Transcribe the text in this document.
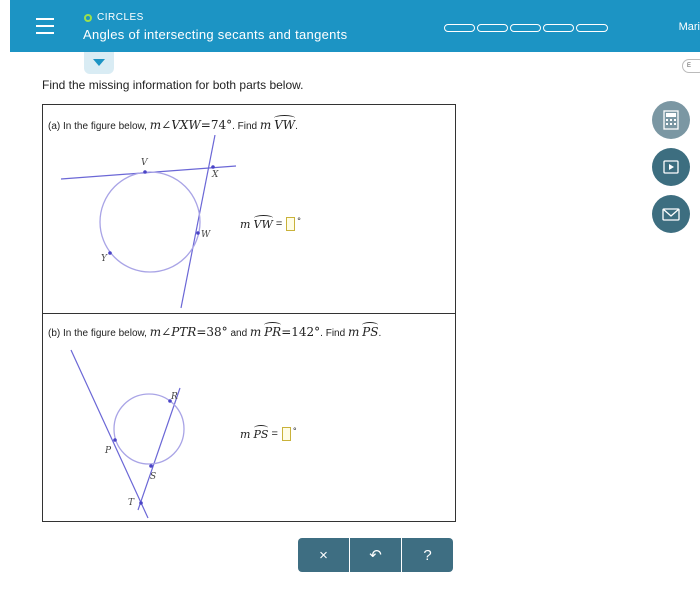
CIRCLES
Angles of intersecting secants and tangents	Mari
E
Find the missing information for both parts below.
(a) In the figure below, m∠VXW=74°. Find m VW.
V
X
W
Y
m
VW
= °
(b) In the figure below, m∠PTR=38° and m PR=142°. Find m PS.
R
P
S
T
m
PS
= °
×	↶	?
